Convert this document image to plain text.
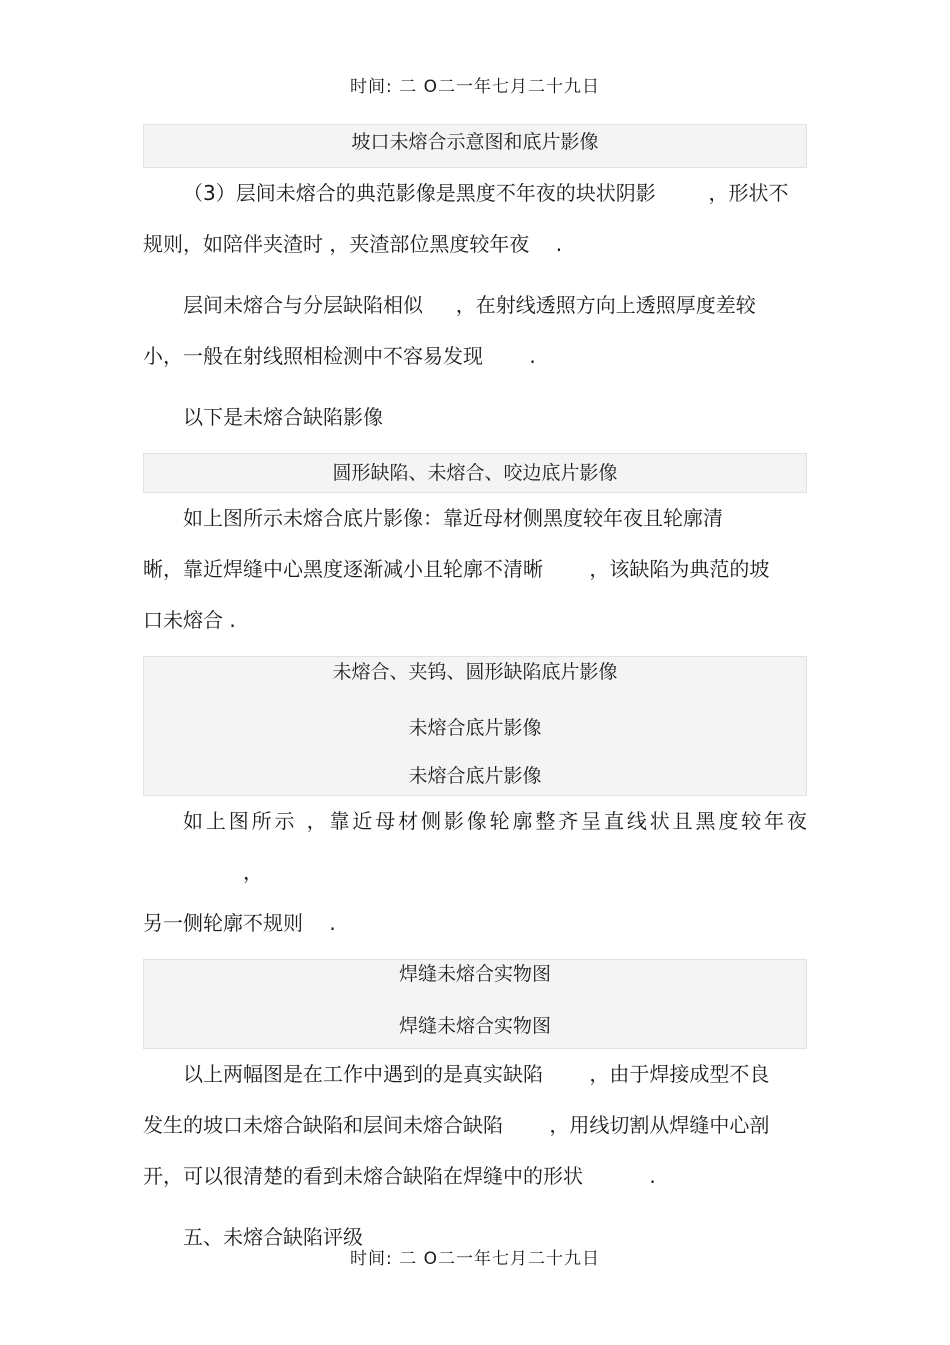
时间: 二 O二一年七月二十九日
坡口未熔合示意图和底片影像
（3）层间未熔合的典范影像是黑度不年夜的块状阴影 　　 ，形状不
规则，如陪伴夹渣时 ，夹渣部位黑度较年夜 　.
层间未熔合与分层缺陷相似 　 ，在射线透照方向上透照厚度差较
小，一般在射线照相检测中不容易发现 　　.
以下是未熔合缺陷影像
圆形缺陷、未熔合、咬边底片影像
如上图所示未熔合底片影像：靠近母材侧黑度较年夜且轮廓清
晰，靠近焊缝中心黑度逐渐减小且轮廓不清晰 　　，该缺陷为典范的坡
口未熔合 .
未熔合、夹钨、圆形缺陷底片影像
未熔合底片影像
未熔合底片影像
如上图所示 ，靠近母材侧影像轮廓整齐呈直线状且黑度较年夜 　　　，
另一侧轮廓不规则 　.
焊缝未熔合实物图
焊缝未熔合实物图
以上两幅图是在工作中遇到的是真实缺陷 　　，由于焊接成型不良
发生的坡口未熔合缺陷和层间未熔合缺陷 　　，用线切割从焊缝中心剖
开，可以很清楚的看到未熔合缺陷在焊缝中的形状 　　　.
五、未熔合缺陷评级
时间: 二 O二一年七月二十九日
